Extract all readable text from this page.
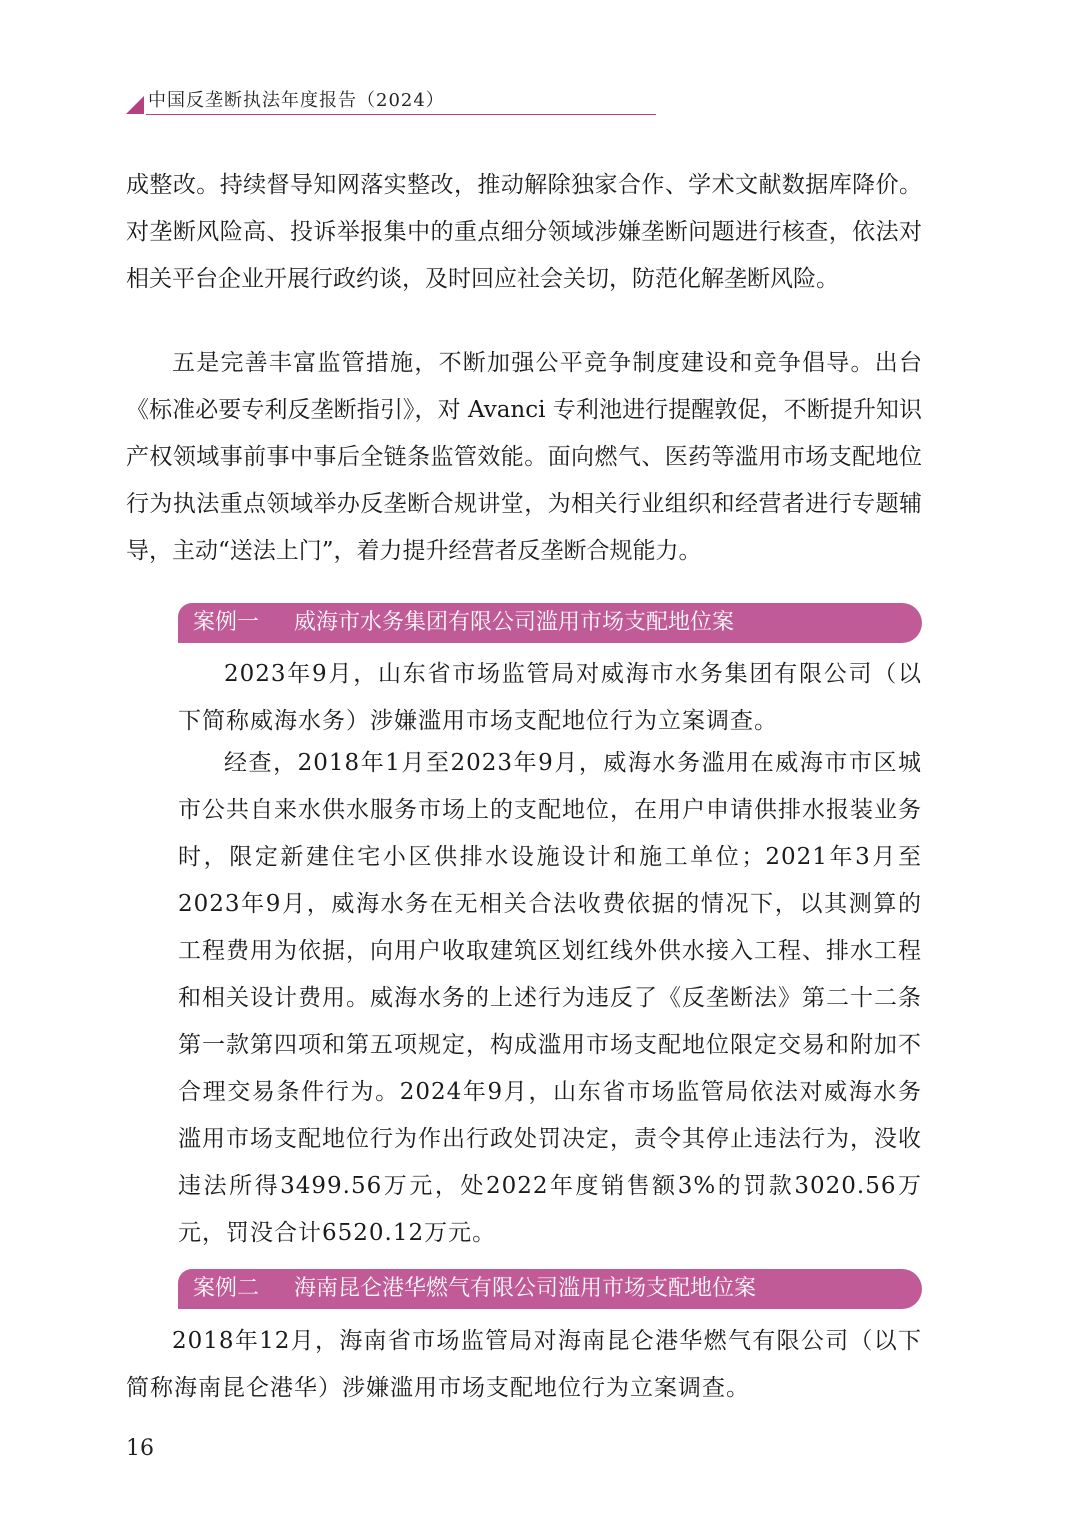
中国反垄断执法年度报告（2024）

成整改。持续督导知网落实整改，推动解除独家合作、学术文献数据库降价。对垄断风险高、投诉举报集中的重点细分领域涉嫌垄断问题进行核查，依法对相关平台企业开展行政约谈，及时回应社会关切，防范化解垄断风险。

五是完善丰富监管措施，不断加强公平竞争制度建设和竞争倡导。出台《标准必要专利反垄断指引》，对 Avanci 专利池进行提醒敦促，不断提升知识产权领域事前事中事后全链条监管效能。面向燃气、医药等滥用市场支配地位行为执法重点领域举办反垄断合规讲堂，为相关行业组织和经营者进行专题辅导，主动“送法上门”，着力提升经营者反垄断合规能力。

案例一 威海市水务集团有限公司滥用市场支配地位案

2023年9月，山东省市场监管局对威海市水务集团有限公司（以下简称威海水务）涉嫌滥用市场支配地位行为立案调查。

经查，2018年1月至2023年9月，威海水务滥用在威海市市区城市公共自来水供水服务市场上的支配地位，在用户申请供排水报装业务时，限定新建住宅小区供排水设施设计和施工单位；2021年3月至2023年9月，威海水务在无相关合法收费依据的情况下，以其测算的工程费用为依据，向用户收取建筑区划红线外供水接入工程、排水工程和相关设计费用。威海水务的上述行为违反了《反垄断法》第二十二条第一款第四项和第五项规定，构成滥用市场支配地位限定交易和附加不合理交易条件行为。2024年9月，山东省市场监管局依法对威海水务滥用市场支配地位行为作出行政处罚决定，责令其停止违法行为，没收违法所得3499.56万元，处2022年度销售额3%的罚款3020.56万元，罚没合计6520.12万元。

案例二 海南昆仑港华燃气有限公司滥用市场支配地位案

2018年12月，海南省市场监管局对海南昆仑港华燃气有限公司（以下简称海南昆仑港华）涉嫌滥用市场支配地位行为立案调查。

16
